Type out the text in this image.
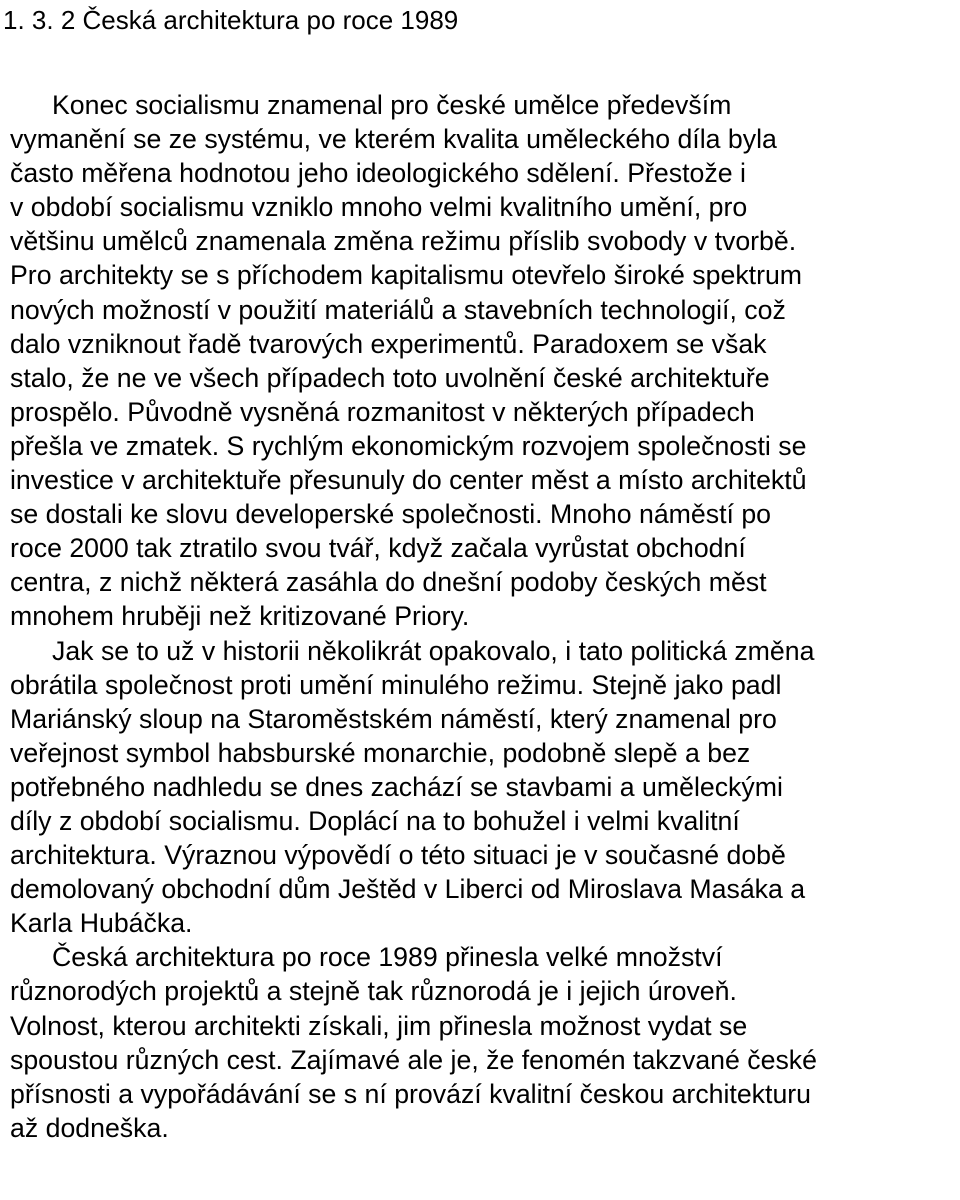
1. 3. 2 Česká architektura po roce 1989

Konec socialismu znamenal pro české umělce především
vymanění se ze systému, ve kterém kvalita uměleckého díla byla
často měřena hodnotou jeho ideologického sdělení. Přestože i
v období socialismu vzniklo mnoho velmi kvalitního umění, pro
většinu umělců znamenala změna režimu příslib svobody v tvorbě.
Pro architekty se s příchodem kapitalismu otevřelo široké spektrum
nových možností v použití materiálů a stavebních technologií, což
dalo vzniknout řadě tvarových experimentů. Paradoxem se však
stalo, že ne ve všech případech toto uvolnění české architektuře
prospělo. Původně vysněná rozmanitost v některých případech
přešla ve zmatek. S rychlým ekonomickým rozvojem společnosti se
investice v architektuře přesunuly do center měst a místo architektů
se dostali ke slovu developerské společnosti. Mnoho náměstí po
roce 2000 tak ztratilo svou tvář, když začala vyrůstat obchodní
centra, z nichž některá zasáhla do dnešní podoby českých měst
mnohem hruběji než kritizované Priory.

Jak se to už v historii několikrát opakovalo, i tato politická změna
obrátila společnost proti umění minulého režimu. Stejně jako padl
Mariánský sloup na Staroměstském náměstí, který znamenal pro
veřejnost symbol habsburské monarchie, podobně slepě a bez
potřebného nadhledu se dnes zachází se stavbami a uměleckými
díly z období socialismu. Doplácí na to bohužel i velmi kvalitní
architektura. Výraznou výpovědí o této situaci je v současné době
demolovaný obchodní dům Ještěd v Liberci od Miroslava Masáka a
Karla Hubáčka.

Česká architektura po roce 1989 přinesla velké množství
různorodých projektů a stejně tak různorodá je i jejich úroveň.
Volnost, kterou architekti získali, jim přinesla možnost vydat se
spoustou různých cest. Zajímavé ale je, že fenomén takzvané české
přísnosti a vypořádávání se s ní provází kvalitní českou architekturu
až dodneška.
